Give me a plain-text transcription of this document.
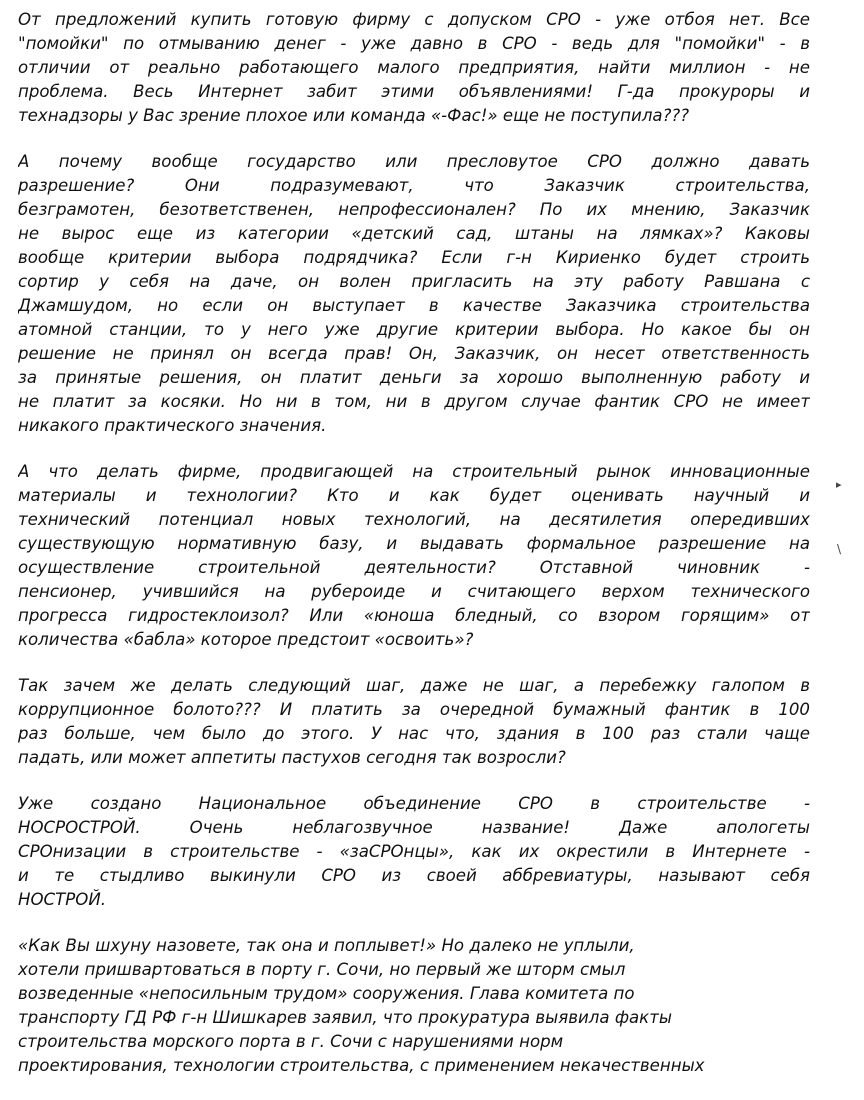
От предложений купить готовую фирму с допуском СРО - уже отбоя нет. Все
"помойки" по отмыванию денег - уже давно в СРО - ведь для "помойки" - в
отличии от реально работающего малого предприятия, найти миллион - не
проблема. Весь Интернет забит этими объявлениями! Г-да прокуроры и
технадзоры у Вас зрение плохое или команда «-Фас!» еще не поступила???
А почему вообще государство или пресловутое СРО должно давать
разрешение? Они подразумевают, что Заказчик строительства,
безграмотен, безответственен, непрофессионален? По их мнению, Заказчик
не вырос еще из категории «детский сад, штаны на лямках»? Каковы
вообще критерии выбора подрядчика? Если г-н Кириенко будет строить
сортир у себя на даче, он волен пригласить на эту работу Равшана с
Джамшудом, но если он выступает в качестве Заказчика строительства
атомной станции, то у него уже другие критерии выбора. Но какое бы он
решение не принял он всегда прав! Он, Заказчик, он несет ответственность
за принятые решения, он платит деньги за хорошо выполненную работу и
не платит за косяки. Но ни в том, ни в другом случае фантик СРО не имеет
никакого практического значения.
А что делать фирме, продвигающей на строительный рынок инновационные
материалы и технологии? Кто и как будет оценивать научный и
технический потенциал новых технологий, на десятилетия опередивших
существующую нормативную базу, и выдавать формальное разрешение на
осуществление строительной деятельности? Отставной чиновник -
пенсионер, учившийся на рубероиде и считающего верхом технического
прогресса гидростеклоизол? Или «юноша бледный, со взором горящим» от
количества «бабла» которое предстоит «освоить»?
Так зачем же делать следующий шаг, даже не шаг, а перебежку галопом в
коррупционное болото??? И платить за очередной бумажный фантик в 100
раз больше, чем было до этого. У нас что, здания в 100 раз стали чаще
падать, или может аппетиты пастухов сегодня так возросли?
Уже создано Национальное объединение СРО в строительстве -
НОСРОСТРОЙ. Очень неблагозвучное название! Даже апологеты
СРОнизации в строительстве - «заСРОнцы», как их окрестили в Интернете -
и те стыдливо выкинули СРО из своей аббревиатуры, называют себя
НОСТРОЙ.
«Как Вы шхуну назовете, так она и поплывет!» Но далеко не уплыли,
хотели пришвартоваться в порту г. Сочи, но первый же шторм смыл
возведенные «непосильным трудом» сооружения. Глава комитета по
транспорту ГД РФ г-н Шишкарев заявил, что прокуратура выявила факты
строительства морского порта в г. Сочи с нарушениями норм
проектирования, технологии строительства, с применением некачественных
▸
\
